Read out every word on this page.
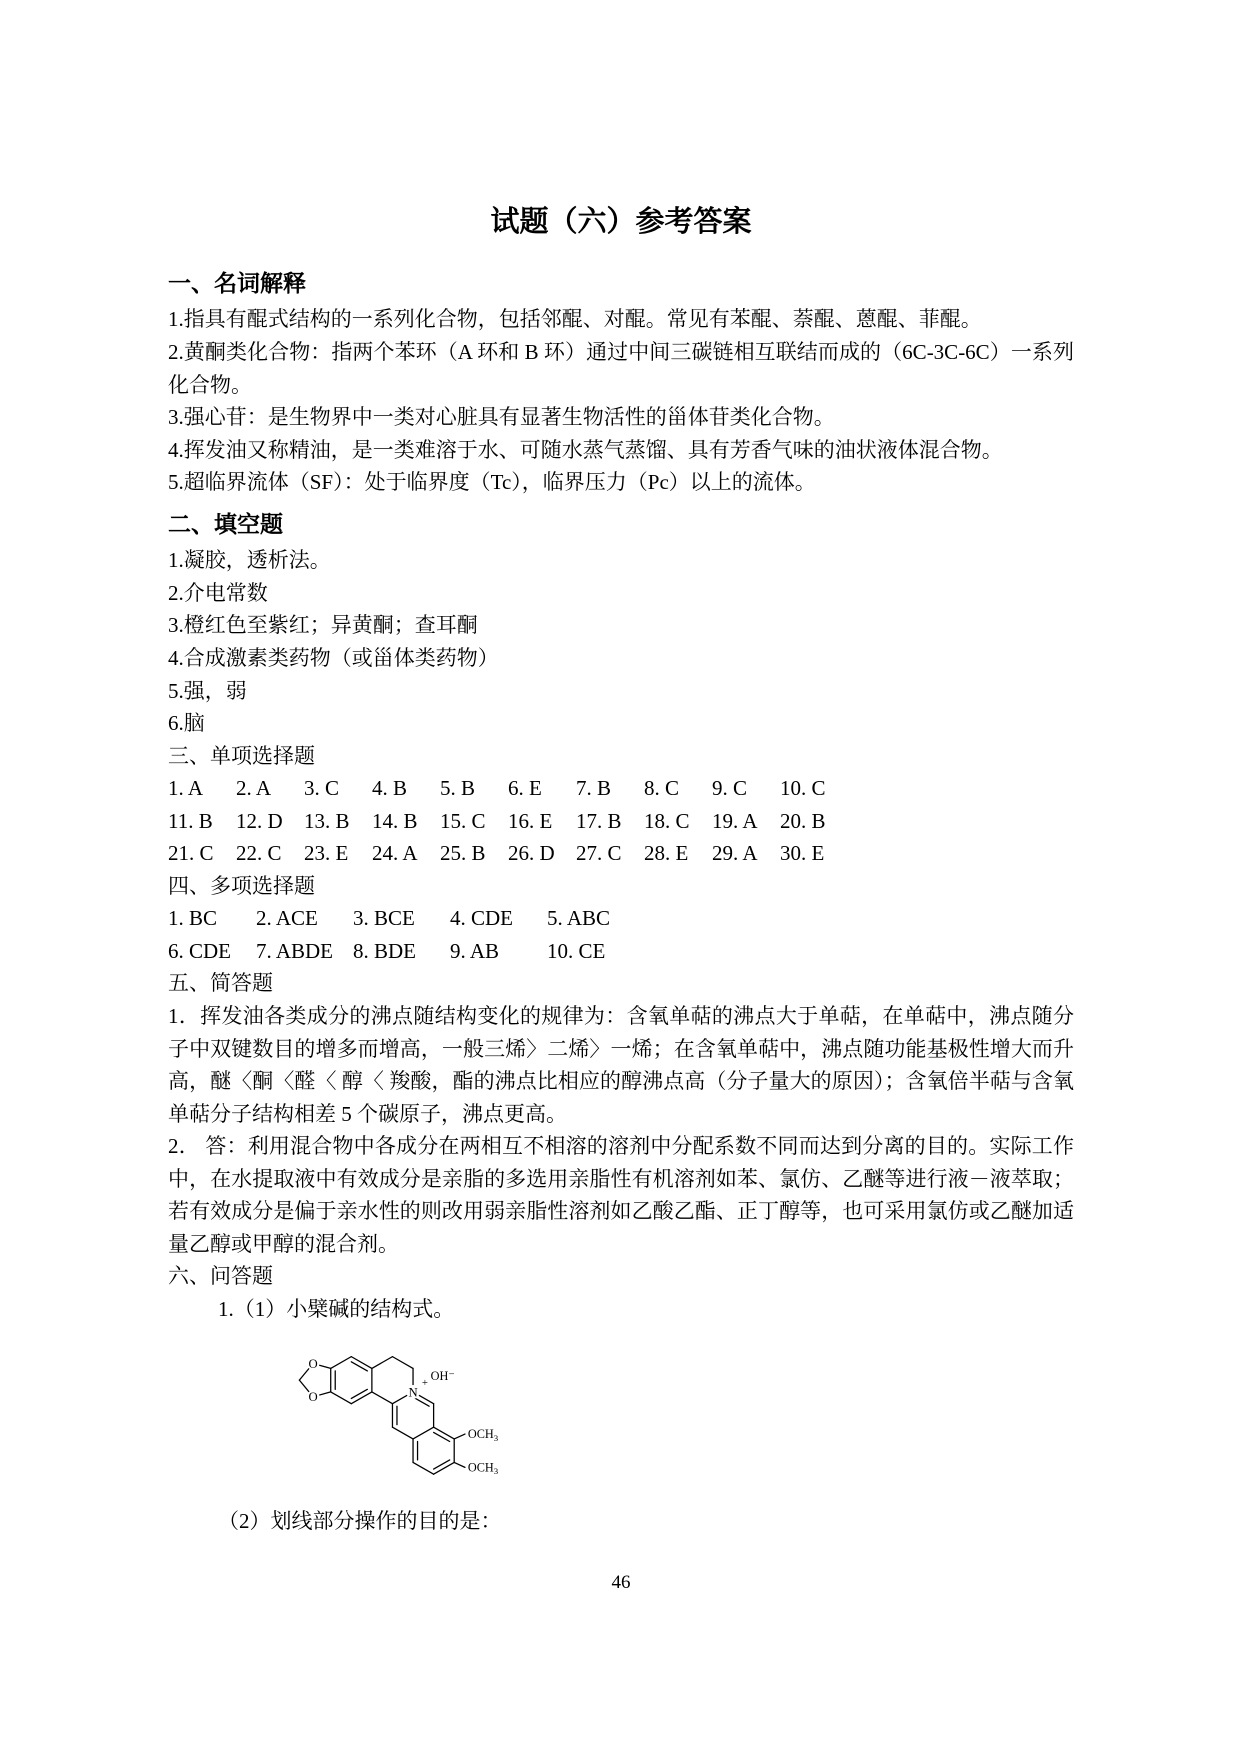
试题（六）参考答案
一、名词解释

1.指具有醌式结构的一系列化合物，包括邻醌、对醌。常见有苯醌、萘醌、蒽醌、菲醌。

2.黄酮类化合物：指两个苯环（A 环和 B 环）通过中间三碳链相互联结而成的（6C-3C-6C）一系列化合物。

3.强心苷：是生物界中一类对心脏具有显著生物活性的甾体苷类化合物。

4.挥发油又称精油，是一类难溶于水、可随水蒸气蒸馏、具有芳香气味的油状液体混合物。

5.超临界流体（SF）：处于临界度（Tc），临界压力（Pc）以上的流体。

二、填空题

1.凝胶，透析法。

2.介电常数

3.橙红色至紫红；异黄酮；查耳酮

4.合成激素类药物（或甾体类药物）

5.强，弱

6.脑

三、单项选择题

1. A	2. A	3. C	4. B	5. B	6. E	7. B	8. C	9. C	10. C
11. B	12. D	13. B	14. B	15. C	16. E	17. B	18. C	19. A	20. B
21. C	22. C	23. E	24. A	25. B	26. D	27. C	28. E	29. A	30. E

四、多项选择题

1. BC	2. ACE	3. BCE	4. CDE	5. ABC
6. CDE	7. ABDE 8. BDE	9. AB	10. CE

五、简答题

1．挥发油各类成分的沸点随结构变化的规律为：含氧单萜的沸点大于单萜，在单萜中，沸点随分子中双键数目的增多而增高，一般三烯〉二烯〉一烯；在含氧单萜中，沸点随功能基极性增大而升高，醚〈酮〈醛〈 醇〈 羧酸，酯的沸点比相应的醇沸点高（分子量大的原因）；含氧倍半萜与含氧单萜分子结构相差 5 个碳原子，沸点更高。

2． 答：利用混合物中各成分在两相互不相溶的溶剂中分配系数不同而达到分离的目的。实际工作中，在水提取液中有效成分是亲脂的多选用亲脂性有机溶剂如苯、氯仿、乙醚等进行液－液萃取；若有效成分是偏于亲水性的则改用弱亲脂性溶剂如乙酸乙酯、正丁醇等，也可采用氯仿或乙醚加适量乙醇或甲醇的混合剂。

六、问答题

1.（1）小檗碱的结构式。

O
O	N
+ OH⁻
$OCH_3$
$OCH_3$

（2）划线部分操作的目的是：

46
